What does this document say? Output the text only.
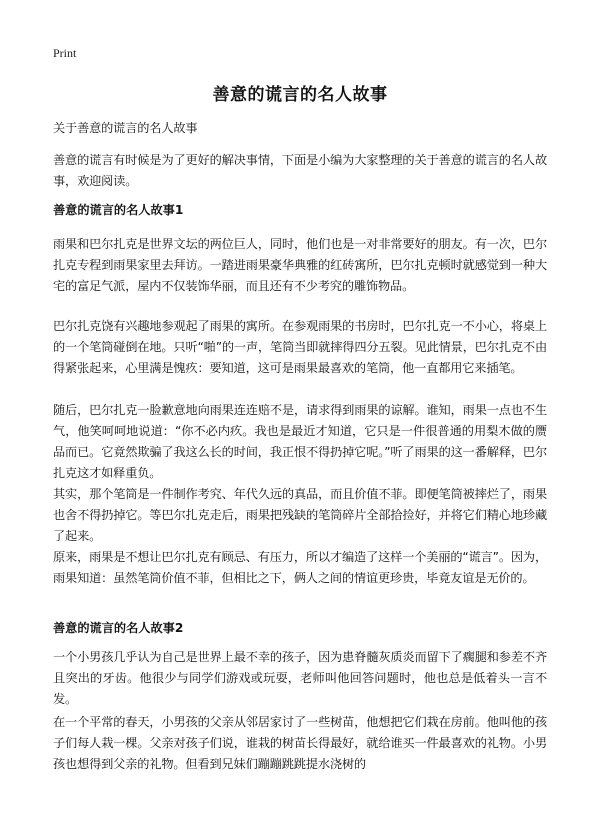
Print
善意的谎言的名人故事

关于善意的谎言的名人故事

善意的谎言有时候是为了更好的解决事情，下面是小编为大家整理的关于善意的谎言的名人故事，欢迎阅读。

善意的谎言的名人故事1

雨果和巴尔扎克是世界文坛的两位巨人，同时，他们也是一对非常要好的朋友。有一次，巴尔扎克专程到雨果家里去拜访。一踏进雨果豪华典雅的红砖寓所，巴尔扎克顿时就感觉到一种大宅的富足气派，屋内不仅装饰华丽，而且还有不少考究的雕饰物品。

巴尔扎克饶有兴趣地参观起了雨果的寓所。在参观雨果的书房时，巴尔扎克一不小心，将桌上的一个笔筒碰倒在地。只听“啪”的一声，笔筒当即就摔得四分五裂。见此情景，巴尔扎克不由得紧张起来，心里满是愧疚：要知道，这可是雨果最喜欢的笔筒，他一直都用它来插笔。

随后，巴尔扎克一脸歉意地向雨果连连赔不是，请求得到雨果的谅解。谁知，雨果一点也不生气，他笑呵呵地说道：“你不必内疚。我也是最近才知道，它只是一件很普通的用梨木做的赝品而已。它竟然欺骗了我这么长的时间，我正恨不得扔掉它呢。”听了雨果的这一番解释，巴尔扎克这才如释重负。

其实，那个笔筒是一件制作考究、年代久远的真品，而且价值不菲。即便笔筒被摔烂了，雨果也舍不得扔掉它。等巴尔扎克走后，雨果把残缺的笔筒碎片全部拾捡好，并将它们精心地珍藏了起来。

原来，雨果是不想让巴尔扎克有顾忌、有压力，所以才编造了这样一个美丽的“谎言”。因为，雨果知道：虽然笔筒价值不菲，但相比之下，俩人之间的情谊更珍贵，毕竟友谊是无价的。

善意的谎言的名人故事2

一个小男孩几乎认为自己是世界上最不幸的孩子，因为患脊髓灰质炎而留下了瘸腿和参差不齐且突出的牙齿。他很少与同学们游戏或玩耍，老师叫他回答问题时，他也总是低着头一言不发。

在一个平常的春天，小男孩的父亲从邻居家讨了一些树苗，他想把它们栽在房前。他叫他的孩子们每人栽一棵。父亲对孩子们说，谁栽的树苗长得最好，就给谁买一件最喜欢的礼物。小男孩也想得到父亲的礼物。但看到兄妹们蹦蹦跳跳提水浇树的
